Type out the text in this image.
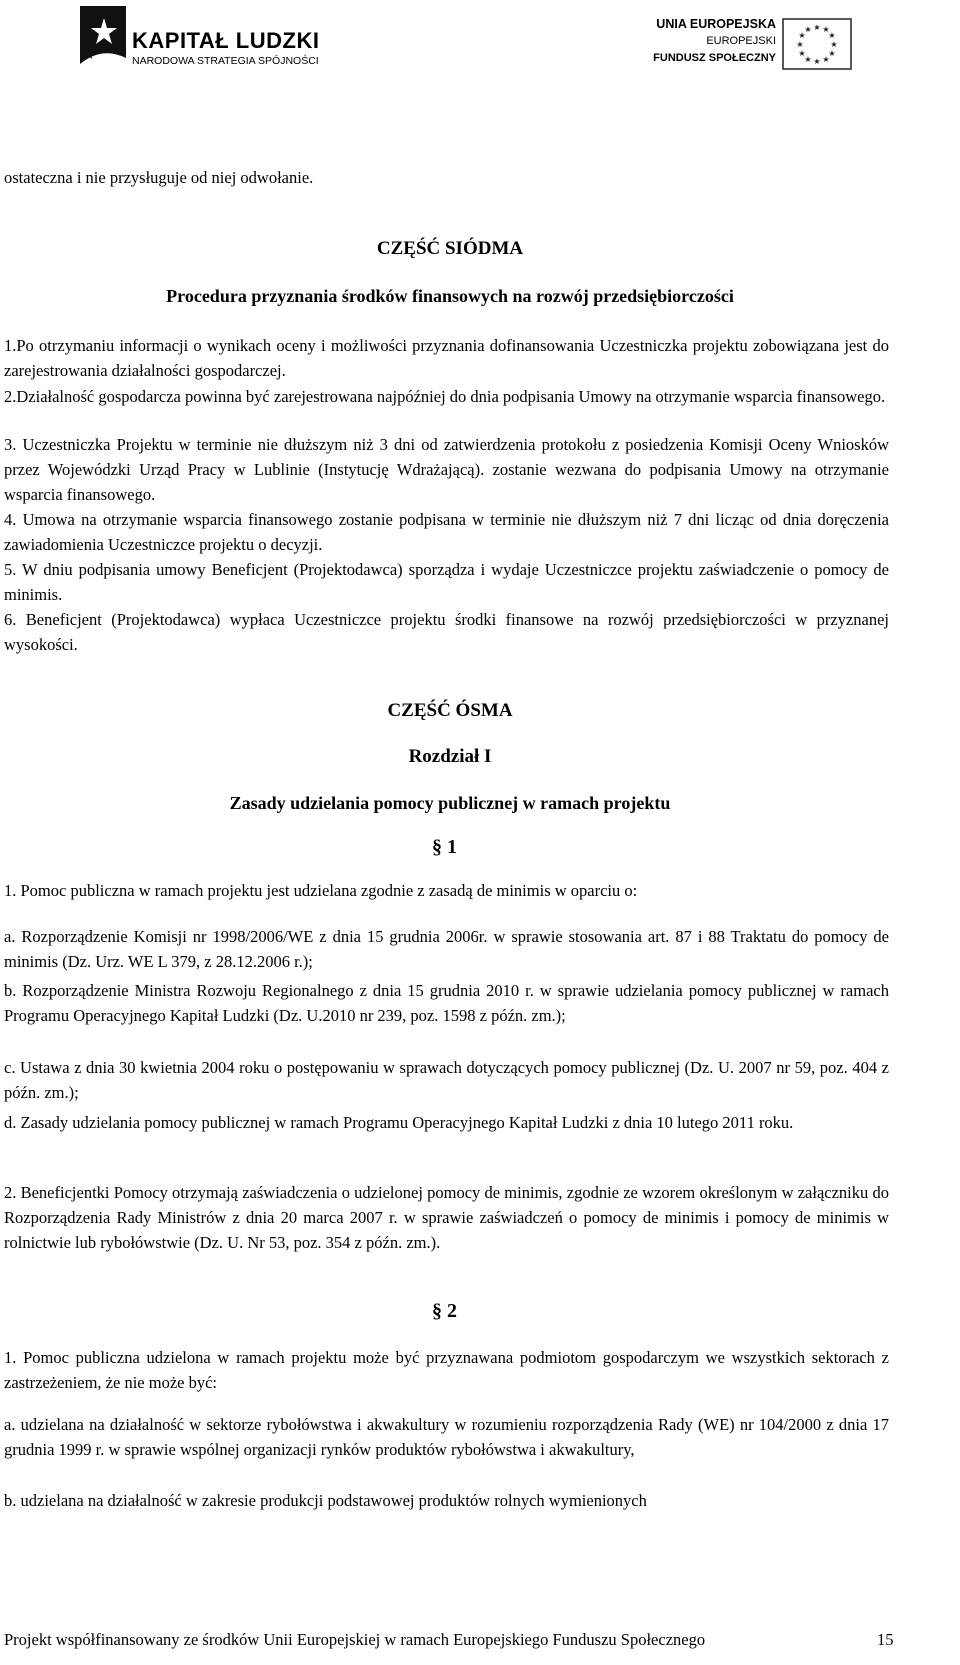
KAPITAŁ LUDZKI
NARODOWA STRATEGIA SPÓJNOŚCI
UNIA EUROPEJSKA
EUROPEJSKI
FUNDUSZ SPOŁECZNY
★ ★
★
★
★
★
★
★
★
★
★
★

ostateczna i nie przysługuje od niej odwołanie.

CZĘŚĆ SIÓDMA

Procedura przyznania środków finansowych na rozwój przedsiębiorczości

1.Po otrzymaniu informacji o wynikach oceny i możliwości przyznania dofinansowania Uczestniczka projektu zobowiązana jest do zarejestrowania działalności gospodarczej.

2.Działalność gospodarcza powinna być zarejestrowana najpóźniej do dnia podpisania Umowy na otrzymanie wsparcia finansowego.

3. Uczestniczka Projektu w terminie nie dłuższym niż 3 dni od zatwierdzenia protokołu z posiedzenia Komisji Oceny Wniosków przez Wojewódzki Urząd Pracy w Lublinie (Instytucję Wdrażającą). zostanie wezwana do podpisania Umowy na otrzymanie wsparcia finansowego.

4. Umowa na otrzymanie wsparcia finansowego zostanie podpisana w terminie nie dłuższym niż 7 dni licząc od dnia doręczenia zawiadomienia Uczestniczce projektu o decyzji.

5. W dniu podpisania umowy Beneficjent (Projektodawca) sporządza i wydaje Uczestniczce projektu zaświadczenie o pomocy de minimis.

6. Beneficjent (Projektodawca) wypłaca Uczestniczce projektu środki finansowe na rozwój przedsiębiorczości w przyznanej wysokości.

CZĘŚĆ ÓSMA

Rozdział I

Zasady udzielania pomocy publicznej w ramach projektu

§ 1

1. Pomoc publiczna w ramach projektu jest udzielana zgodnie z zasadą de minimis w oparciu o:

a. Rozporządzenie Komisji nr 1998/2006/WE z dnia 15 grudnia 2006r. w sprawie stosowania art. 87 i 88 Traktatu do pomocy de minimis (Dz. Urz. WE L 379, z 28.12.2006 r.);

b. Rozporządzenie Ministra Rozwoju Regionalnego z dnia 15 grudnia 2010 r. w sprawie udzielania pomocy publicznej w ramach Programu Operacyjnego Kapitał Ludzki (Dz. U.2010 nr 239, poz. 1598 z późn. zm.);

c. Ustawa z dnia 30 kwietnia 2004 roku o postępowaniu w sprawach dotyczących pomocy publicznej (Dz. U. 2007 nr 59, poz. 404 z późn. zm.);

d. Zasady udzielania pomocy publicznej w ramach Programu Operacyjnego Kapitał Ludzki z dnia 10 lutego 2011 roku.

2. Beneficjentki Pomocy otrzymają zaświadczenia o udzielonej pomocy de minimis, zgodnie ze wzorem określonym w załączniku do Rozporządzenia Rady Ministrów z dnia 20 marca 2007 r. w sprawie zaświadczeń o pomocy de minimis i pomocy de minimis w rolnictwie lub rybołówstwie (Dz. U. Nr 53, poz. 354 z późn. zm.).

§ 2

1. Pomoc publiczna udzielona w ramach projektu może być przyznawana podmiotom gospodarczym we wszystkich sektorach z zastrzeżeniem, że nie może być:

a. udzielana na działalność w sektorze rybołówstwa i akwakultury w rozumieniu rozporządzenia Rady (WE) nr 104/2000 z dnia 17 grudnia 1999 r. w sprawie wspólnej organizacji rynków produktów rybołówstwa i akwakultury,

b. udzielana na działalność w zakresie produkcji podstawowej produktów rolnych wymienionych

Projekt współfinansowany ze środków Unii Europejskiej w ramach Europejskiego Funduszu Społecznego	15
